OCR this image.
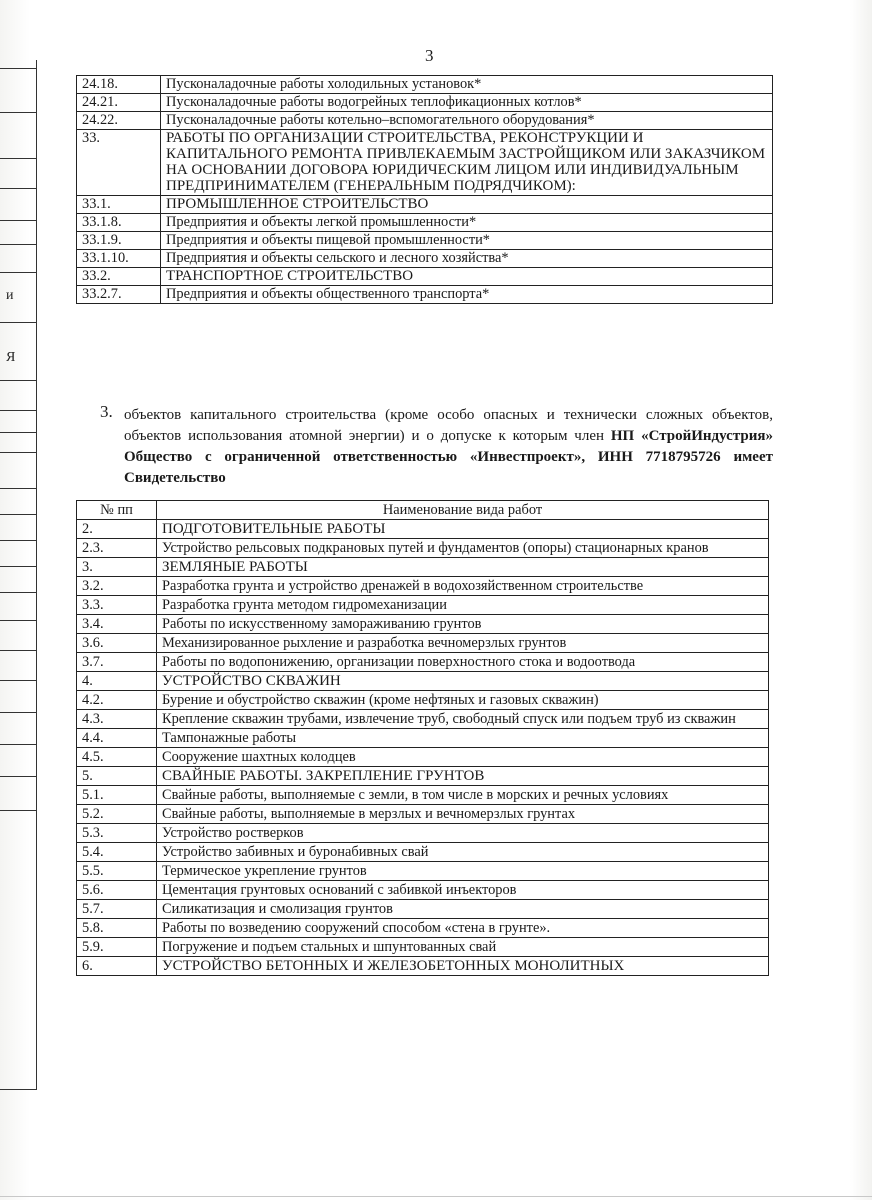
и
Я
3
24.18.	Пусконаладочные работы холодильных установок*
24.21.	Пусконаладочные работы водогрейных теплофикационных котлов*
24.22.	Пусконаладочные работы котельно–вспомогательного оборудования*
33.	РАБОТЫ ПО ОРГАНИЗАЦИИ СТРОИТЕЛЬСТВА, РЕКОНСТРУКЦИИ И КАПИТАЛЬНОГО РЕМОНТА ПРИВЛЕКАЕМЫМ ЗАСТРОЙЩИКОМ ИЛИ ЗАКАЗЧИКОМ НА ОСНОВАНИИ ДОГОВОРА ЮРИДИЧЕСКИМ ЛИЦОМ ИЛИ ИНДИВИДУАЛЬНЫМ ПРЕДПРИНИМАТЕЛЕМ (ГЕНЕРАЛЬНЫМ ПОДРЯДЧИКОМ):
33.1.	ПРОМЫШЛЕННОЕ СТРОИТЕЛЬСТВО
33.1.8.	Предприятия и объекты легкой промышленности*
33.1.9.	Предприятия и объекты пищевой промышленности*
33.1.10.	Предприятия и объекты сельского и лесного хозяйства*
33.2.	ТРАНСПОРТНОЕ СТРОИТЕЛЬСТВО
33.2.7.	Предприятия и объекты общественного транспорта*
3. объектов капитального строительства (кроме особо опасных и технически сложных объектов, объектов использования атомной энергии) и о допуске к которым член НП «СтройИндустрия» Общество с ограниченной ответственностью «Инвестпроект», ИНН 7718795726 имеет Свидетельство
№ пп	Наименование вида работ
2.	ПОДГОТОВИТЕЛЬНЫЕ РАБОТЫ
2.3.	Устройство рельсовых подкрановых путей и фундаментов (опоры) стационарных кранов
3.	ЗЕМЛЯНЫЕ РАБОТЫ
3.2.	Разработка грунта и устройство дренажей в водохозяйственном строительстве
3.3.	Разработка грунта методом гидромеханизации
3.4.	Работы по искусственному замораживанию грунтов
3.6.	Механизированное рыхление и разработка вечномерзлых грунтов
3.7.	Работы по водопонижению, организации поверхностного стока и водоотвода
4.	УСТРОЙСТВО СКВАЖИН
4.2.	Бурение и обустройство скважин (кроме нефтяных и газовых скважин)
4.3.	Крепление скважин трубами, извлечение труб, свободный спуск или подъем труб из скважин
4.4.	Тампонажные работы
4.5.	Сооружение шахтных колодцев
5.	СВАЙНЫЕ РАБОТЫ. ЗАКРЕПЛЕНИЕ ГРУНТОВ
5.1.	Свайные работы, выполняемые с земли, в том числе в морских и речных условиях
5.2.	Свайные работы, выполняемые в мерзлых и вечномерзлых грунтах
5.3.	Устройство ростверков
5.4.	Устройство забивных и буронабивных свай
5.5.	Термическое укрепление грунтов
5.6.	Цементация грунтовых оснований с забивкой инъекторов
5.7.	Силикатизация и смолизация грунтов
5.8.	Работы по возведению сооружений способом «стена в грунте».
5.9.	Погружение и подъем стальных и шпунтованных свай
6.	УСТРОЙСТВО БЕТОННЫХ И ЖЕЛЕЗОБЕТОННЫХ МОНОЛИТНЫХ
